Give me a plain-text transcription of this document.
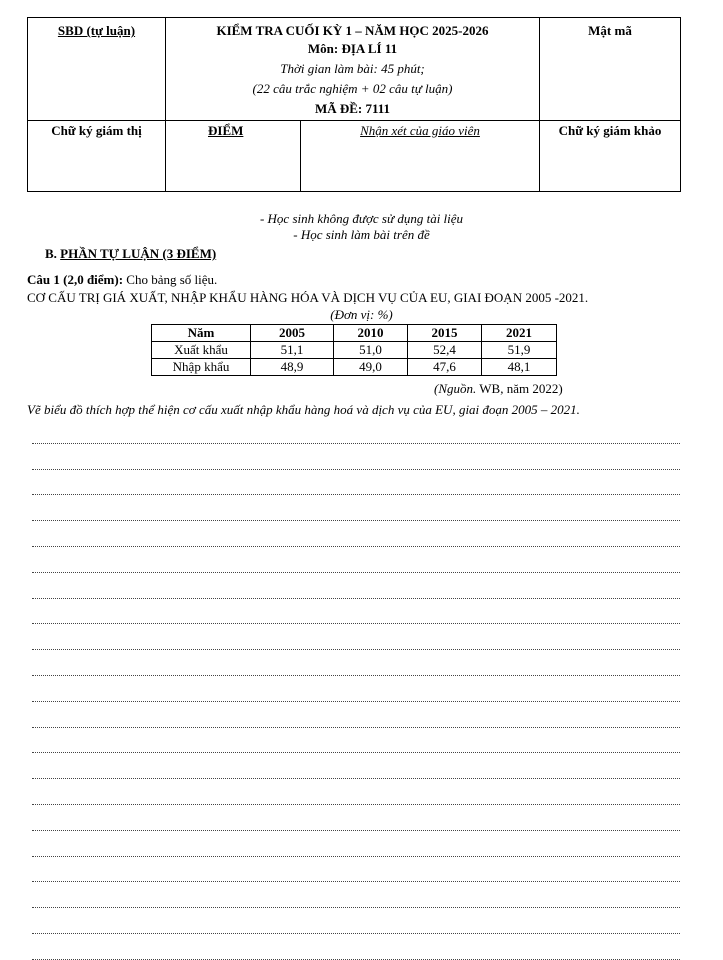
SBD (tự luận)	KIỂM TRA CUỐI KỲ 1 – NĂM HỌC 2025-2026
Môn: ĐỊA LÍ 11
Thời gian làm bài: 45 phút;
(22 câu trắc nghiệm + 02 câu tự luận)
MÃ ĐỀ: 7111
Mật mã
Chữ ký giám thị	ĐIỂM	Nhận xét của giáo viên	Chữ ký giám khảo
- Học sinh không được sử dụng tài liệu
- Học sinh làm bài trên đề
B. PHẦN TỰ LUẬN (3 ĐIỂM)
Câu 1 (2,0 điểm): Cho bảng số liệu.
CƠ CẤU TRỊ GIÁ XUẤT, NHẬP KHẨU HÀNG HÓA VÀ DỊCH VỤ CỦA EU, GIAI ĐOẠN 2005 -2021.
(Đơn vị: %)
Năm	2005	2010	2015	2021
Xuất khẩu	51,1	51,0	52,4	51,9
Nhập khẩu	48,9	49,0	47,6	48,1
(Nguồn. WB, năm 2022)
Vẽ biểu đồ thích hợp thể hiện cơ cấu xuất nhập khẩu hàng hoá và dịch vụ của EU, giai đoạn 2005 – 2021.
